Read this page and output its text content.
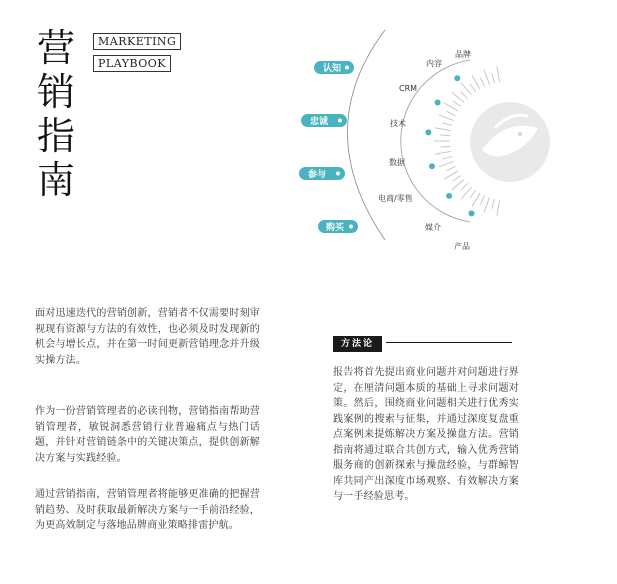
营
销
指
南
MARKETING
PLAYBOOK	认知
忠诚
参与
购买
品牌
内容
CRM
技术
数据
电商/零售
媒介
产品
面对迅速迭代的营销创新，营销者不仅需要时刻审视现有资源与方法的有效性，也必须及时发现新的机会与增长点，并在第一时间更新营销理念并升级实操方法。
作为一份营销管理者的必读刊物，营销指南帮助营销管理者，敏锐洞悉营销行业普遍痛点与热门话题，并针对营销链条中的关键决策点，提供创新解决方案与实践经验。
通过营销指南，营销管理者将能够更准确的把握营销趋势、及时获取最新解决方案与一手前沿经验，为更高效制定与落地品牌商业策略排雷护航。
方法论
报告将首先提出商业问题并对问题进行界定，在厘清问题本质的基础上寻求问题对策。然后，围绕商业问题相关进行优秀实践案例的搜索与征集，并通过深度复盘重点案例来提炼解决方案及操盘方法。营销指南将通过联合共创方式，输入优秀营销服务商的创新探索与操盘经验，与群鲸智库共同产出深度市场观察、有效解决方案与一手经验思考。
